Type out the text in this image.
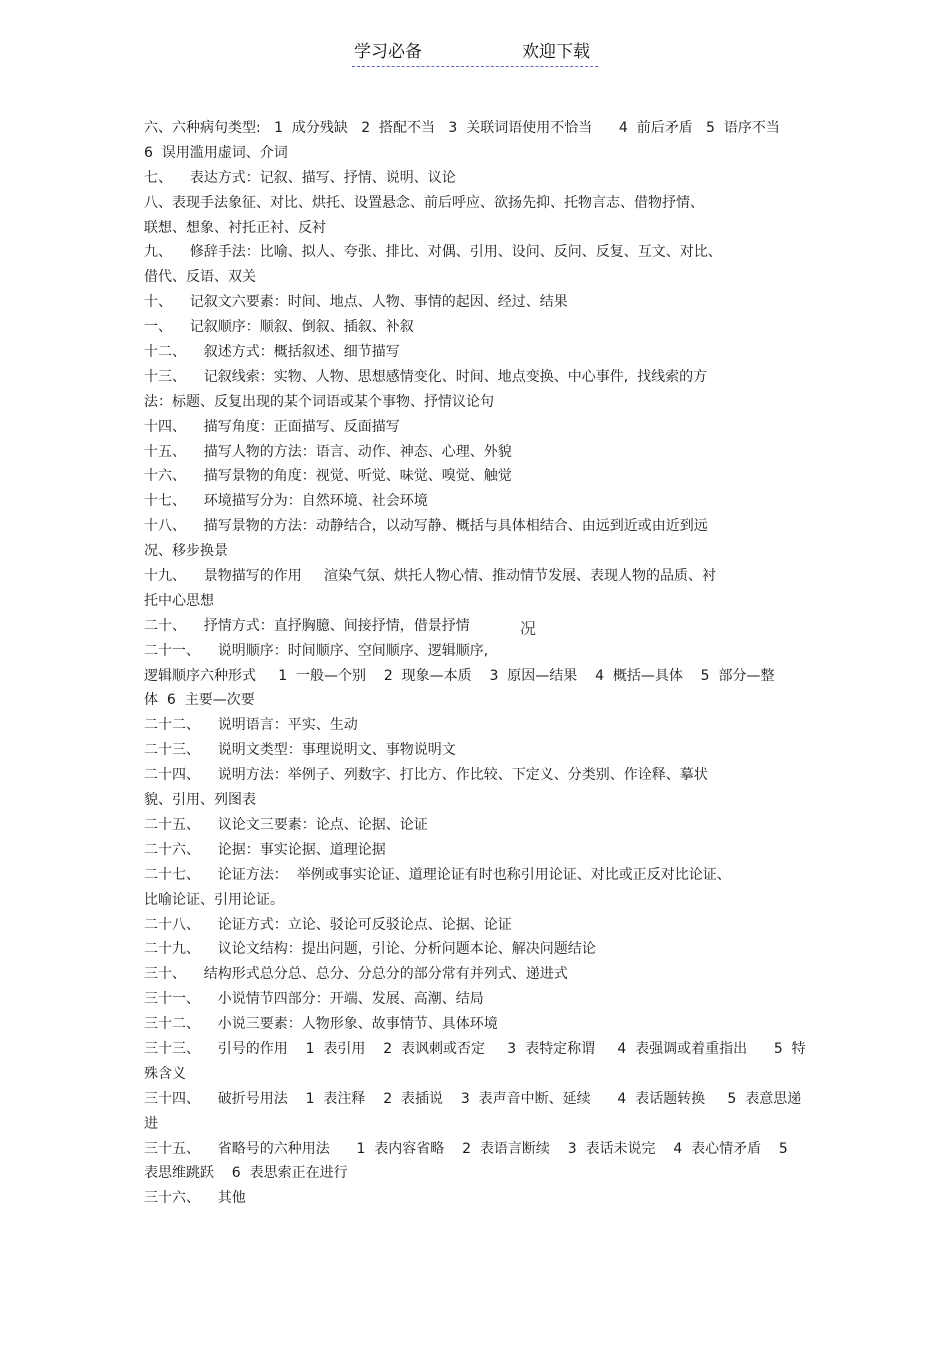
学习必备	欢迎下载
六、六种病句类型:   1  成分残缺   2  搭配不当   3  关联词语使用不恰当      4  前后矛盾   5  语序不当
6  误用滥用虚词、介词
七、    表达方式：记叙、描写、抒情、说明、议论
八、表现手法象征、对比、烘托、设置悬念、前后呼应、欲扬先抑、托物言志、借物抒情、
联想、想象、衬托正衬、反衬
九、    修辞手法：比喻、拟人、夸张、排比、对偶、引用、设问、反问、反复、互文、对比、
借代、反语、双关
十、    记叙文六要素：时间、地点、人物、事情的起因、经过、结果
一、    记叙顺序：顺叙、倒叙、插叙、补叙
十二、    叙述方式：概括叙述、细节描写
十三、    记叙线索：实物、人物、思想感情变化、时间、地点变换、中心事件,  找线索的方
法：标题、反复出现的某个词语或某个事物、抒情议论句
十四、    描写角度：正面描写、反面描写
十五、    描写人物的方法：语言、动作、神态、心理、外貌
十六、    描写景物的角度：视觉、听觉、味觉、嗅觉、触觉
十七、    环境描写分为：自然环境、社会环境
十八、    描写景物的方法：动静结合，以动写静、概括与具体相结合、由远到近或由近到远
况、移步换景
十九、    景物描写的作用     渲染气氛、烘托人物心情、推动情节发展、表现人物的品质、衬
托中心思想
二十、    抒情方式：直抒胸臆、间接抒情，借景抒情
二十一、    说明顺序：时间顺序、空间顺序、逻辑顺序,
逻辑顺序六种形式     1  一般—个别    2  现象—本质    3  原因—结果    4  概括—具体    5  部分—整
体  6  主要—次要
二十二、    说明语言：平实、生动
二十三、    说明文类型：事理说明文、事物说明文
二十四、    说明方法：举例子、列数字、打比方、作比较、下定义、分类别、作诠释、摹状
貌、引用、列图表
二十五、    议论文三要素：论点、论据、论证
二十六、    论据：事实论据、道理论据
二十七、    论证方法：  举例或事实论证、道理论证有时也称引用论证、对比或正反对比论证、
比喻论证、引用论证。
二十八、    论证方式：立论、驳论可反驳论点、论据、论证
二十九、    议论文结构：提出问题，引论、分析问题本论、解决问题结论
三十、    结构形式总分总、总分、分总分的部分常有并列式、递进式
三十一、    小说情节四部分：开端、发展、高潮、结局
三十二、    小说三要素：人物形象、故事情节、具体环境
三十三、    引号的作用    1  表引用    2  表讽刺或否定     3  表特定称谓     4  表强调或着重指出      5  特
殊含义
三十四、    破折号用法    1  表注释    2  表插说    3  表声音中断、延续      4  表话题转换     5  表意思递
进
三十五、    省略号的六种用法      1  表内容省略    2  表语言断续    3  表话未说完    4  表心情矛盾    5
表思维跳跃    6  表思索正在进行
三十六、    其他
况
